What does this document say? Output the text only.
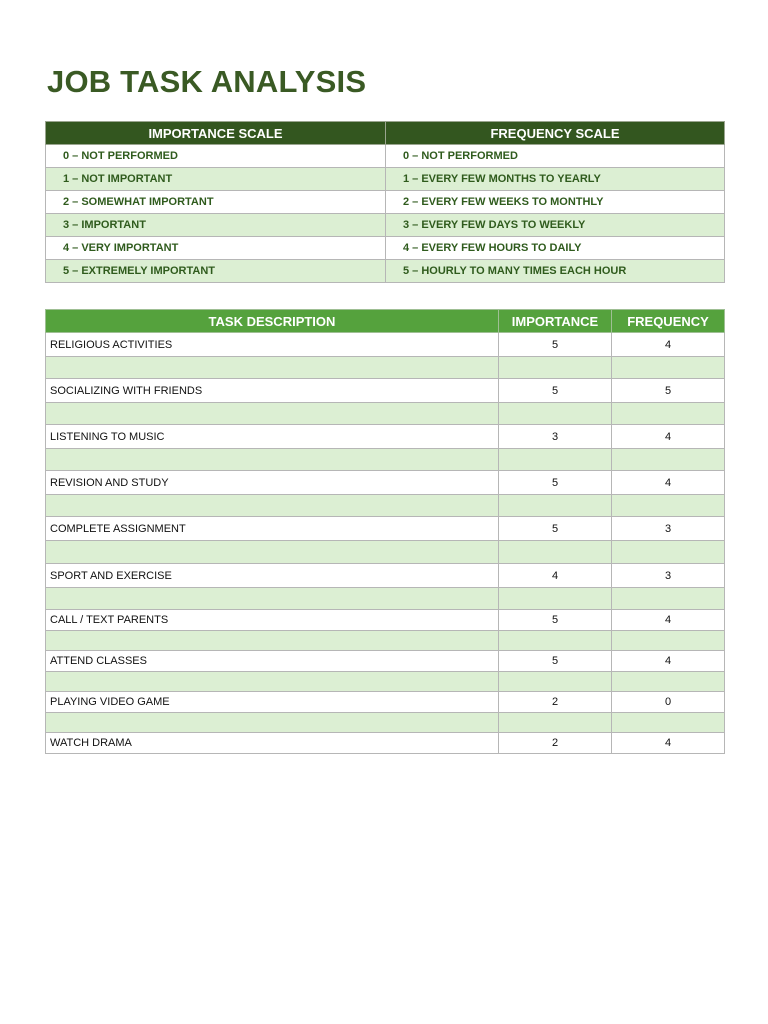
JOB TASK ANALYSIS
IMPORTANCE SCALE	FREQUENCY SCALE
0 – NOT PERFORMED	0 – NOT PERFORMED
1 – NOT IMPORTANT	1 – EVERY FEW MONTHS TO YEARLY
2 – SOMEWHAT IMPORTANT	2 – EVERY FEW WEEKS TO MONTHLY
3 – IMPORTANT	3 – EVERY FEW DAYS TO WEEKLY
4 – VERY IMPORTANT	4 – EVERY FEW HOURS TO DAILY
5 – EXTREMELY IMPORTANT	5 – HOURLY TO MANY TIMES EACH HOUR
TASK DESCRIPTION	IMPORTANCE	FREQUENCY
RELIGIOUS ACTIVITIES	5	4

SOCIALIZING WITH FRIENDS	5	5

LISTENING TO MUSIC	3	4

REVISION AND STUDY	5	4

COMPLETE ASSIGNMENT	5	3

SPORT AND EXERCISE	4	3

CALL / TEXT PARENTS	5	4

ATTEND CLASSES	5	4

PLAYING VIDEO GAME	2	0

WATCH DRAMA	2	4
